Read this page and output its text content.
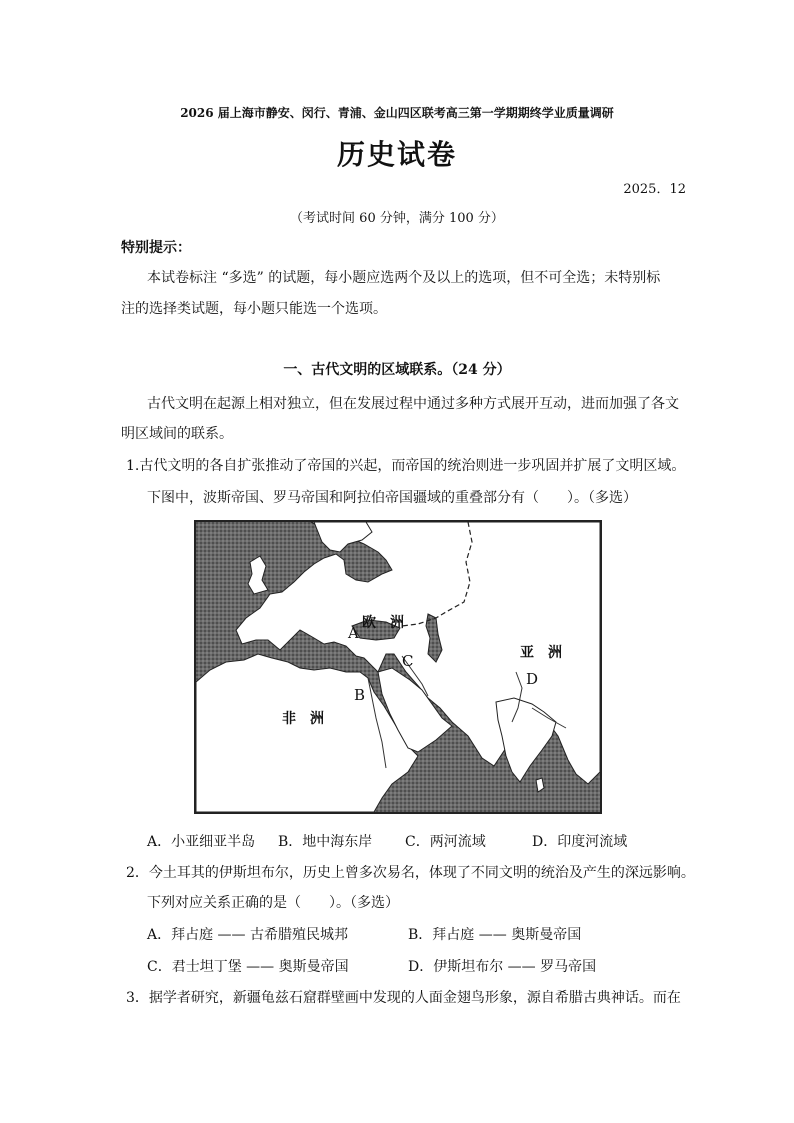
2026 届上海市静安、闵行、青浦、金山四区联考高三第一学期期终学业质量调研
历史试卷
2025．12
（考试时间 60 分钟，满分 100 分）
特别提示：
本试卷标注 “多选” 的试题，每小题应选两个及以上的选项，但不可全选；未特别标
注的选择类试题，每小题只能选一个选项。
一、古代文明的区域联系。（24 分）
古代文明在起源上相对独立，但在发展过程中通过多种方式展开互动，进而加强了各文
明区域间的联系。
1.古代文明的各自扩张推动了帝国的兴起，而帝国的统治则进一步巩固并扩展了文明区域。
下图中，波斯帝国、罗马帝国和阿拉伯帝国疆域的重叠部分有（　　）。（多选）
欧　洲
亚　洲
非　洲
A
B
C
D
A．小亚细亚半岛 B．地中海东岸 C．两河流域	D．印度河流域
2．今土耳其的伊斯坦布尔，历史上曾多次易名，体现了不同文明的统治及产生的深远影响。
下列对应关系正确的是（　　）。（多选）
A．拜占庭 —— 古希腊殖民城邦	B．拜占庭 —— 奥斯曼帝国
C．君士坦丁堡 —— 奥斯曼帝国	D．伊斯坦布尔 —— 罗马帝国
3．据学者研究，新疆龟兹石窟群壁画中发现的人面金翅鸟形象，源自希腊古典神话。而在
